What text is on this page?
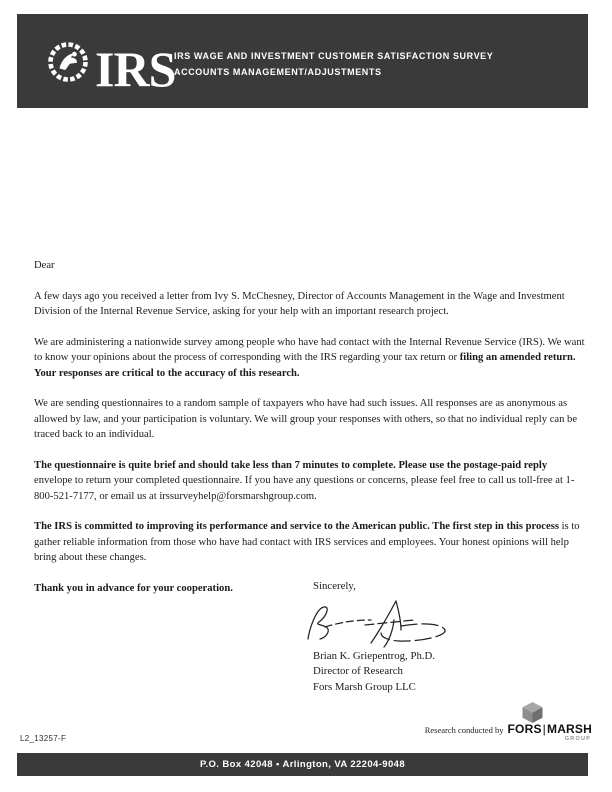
IRS
IRS WAGE AND INVESTMENT CUSTOMER SATISFACTION SURVEY
ACCOUNTS MANAGEMENT/ADJUSTMENTS

Dear

A few days ago you received a letter from Ivy S. McChesney, Director of Accounts Management in the Wage and Investment Division of the Internal Revenue Service, asking for your help with an important research project.

We are administering a nationwide survey among people who have had contact with the Internal Revenue Service (IRS). We want to know your opinions about the process of corresponding with the IRS regarding your tax return or filing an amended return. Your responses are critical to the accuracy of this research.

We are sending questionnaires to a random sample of taxpayers who have had such issues. All responses are as anonymous as allowed by law, and your participation is voluntary. We will group your responses with others, so that no individual reply can be traced back to an individual.

The questionnaire is quite brief and should take less than 7 minutes to complete. Please use the postage-paid reply envelope to return your completed questionnaire. If you have any questions or concerns, please feel free to call us toll-free at 1-800-521-7177, or email us at irssurveyhelp@forsmarshgroup.com.

The IRS is committed to improving its performance and service to the American public. The first step in this process is to gather reliable information from those who have had contact with IRS services and employees. Your honest opinions will help bring about these changes.

Thank you in advance for your cooperation.	Sincerely,
Brian K. Griepentrog, Ph.D.
Director of Research
Fors Marsh Group LLC
L2_13257-F
Research conducted by FORS|MARSH
GROUP
P.O. Box 42048 • Arlington, VA 22204-9048
